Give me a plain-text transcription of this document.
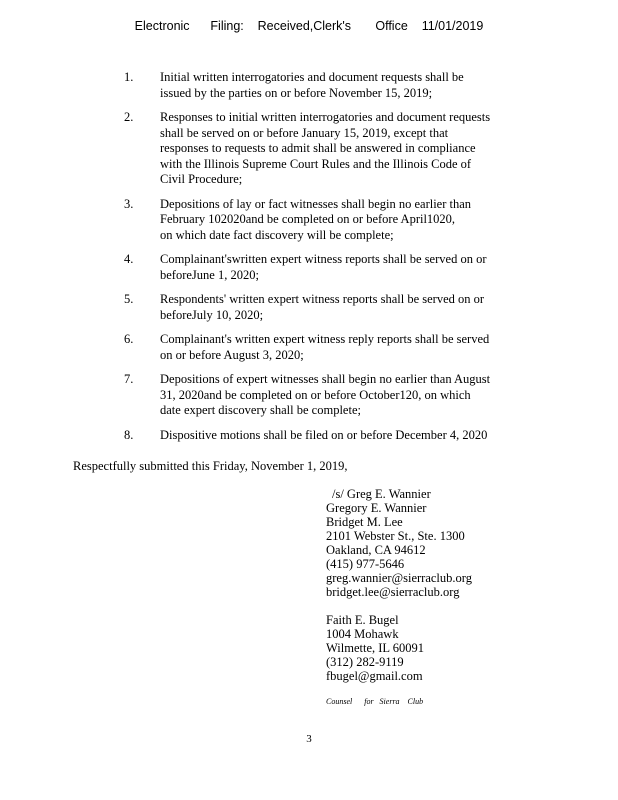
Electronic
Filing:
Received,Clerk's
Office
11/01/2019
1. Initial written interrogatories and document requests shall be
issued by the parties on or before November 15, 2019;
2. Responses to initial written interrogatories and document requests
shall be served on or before January 15, 2019, except that
responses to requests to admit shall be answered in compliance
with the Illinois Supreme Court Rules and the Illinois Code of
Civil Procedure;
3. Depositions of lay or fact witnesses shall begin no earlier than
February 102020and be completed on or before April1020,
on which date fact discovery will be complete;
4. Complainant'swritten expert witness reports shall be served on or
beforeJune 1, 2020;
5. Respondents' written expert witness reports shall be served on or
beforeJuly 10, 2020;
6. Complainant's written expert witness reply reports shall be served
on or before August 3, 2020;
7. Depositions of expert witnesses shall begin no earlier than August
31, 2020and be completed on or before October120, on which
date expert discovery shall be complete;
8. Dispositive motions shall be filed on or before December 4, 2020
Respectfully submitted this Friday, November 1, 2019,
/s/ Greg E. Wannier
Gregory E. Wannier
Bridget M. Lee
2101 Webster St., Ste. 1300
Oakland, CA 94612
(415) 977-5646
greg.wannier@sierraclub.org
bridget.lee@sierraclub.org
Faith E. Bugel
1004 Mohawk
Wilmette, IL 60091
(312) 282-9119
fbugel@gmail.com
Counsel      for   Sierra    Club
3
